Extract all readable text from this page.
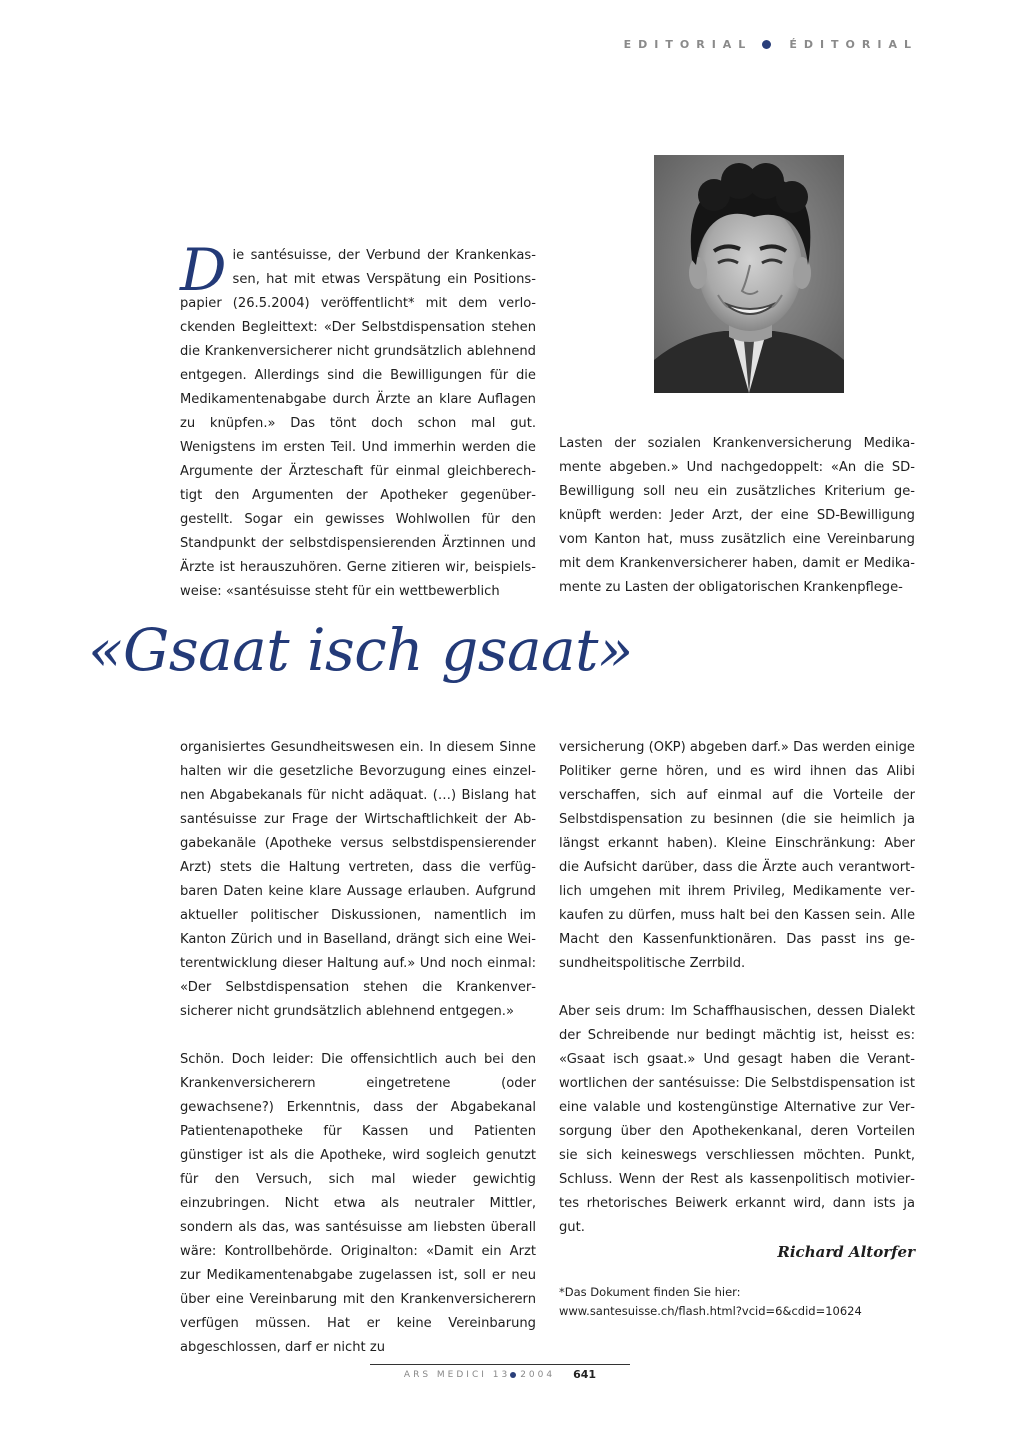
EDITORIAL	ÉDITORIAL
Die santésuisse, der Verbund der Krankenkassen, hat mit etwas Verspätung ein Positionspapier (26.5.2004) veröffentlicht* mit dem verlockenden Begleittext: «Der Selbstdispensation stehen die Krankenversicherer nicht grundsätzlich ablehnend entgegen. Allerdings sind die Bewilligungen für die Medikamentenabgabe durch Ärzte an klare Auflagen zu knüpfen.» Das tönt doch schon mal gut. Wenigstens im ersten Teil. Und immerhin werden die Argumente der Ärzteschaft für einmal gleichberechtigt den Argumenten der Apotheker gegenübergestellt. Sogar ein gewisses Wohlwollen für den Standpunkt der selbstdispensierenden Ärztinnen und Ärzte ist herauszuhören. Gerne zitieren wir, beispielsweise: «santésuisse steht für ein wettbewerblich

Lasten der sozialen Krankenversicherung Medikamente abgeben.» Und nachgedoppelt: «An die SD-Bewilligung soll neu ein zusätzliches Kriterium geknüpft werden: Jeder Arzt, der eine SD-Bewilligung vom Kanton hat, muss zusätzlich eine Vereinbarung mit dem Krankenversicherer haben, damit er Medikamente zu Lasten der obligatorischen Krankenpflege-

«Gsaat isch gsaat»

organisiertes Gesundheitswesen ein. In diesem Sinne halten wir die gesetzliche Bevorzugung eines einzelnen Abgabekanals für nicht adäquat. (…) Bislang hat santésuisse zur Frage der Wirtschaftlichkeit der Abgabekanäle (Apotheke versus selbstdispensierender Arzt) stets die Haltung vertreten, dass die verfügbaren Daten keine klare Aussage erlauben. Aufgrund aktueller politischer Diskussionen, namentlich im Kanton Zürich und in Baselland, drängt sich eine Weiterentwicklung dieser Haltung auf.» Und noch einmal: «Der Selbstdispensation stehen die Krankenversicherer nicht grundsätzlich ablehnend entgegen.»

Schön. Doch leider: Die offensichtlich auch bei den Krankenversicherern eingetretene (oder gewachsene?) Erkenntnis, dass der Abgabekanal Patientenapotheke für Kassen und Patienten günstiger ist als die Apotheke, wird sogleich genutzt für den Versuch, sich mal wieder gewichtig einzubringen. Nicht etwa als neutraler Mittler, sondern als das, was santésuisse am liebsten überall wäre: Kontrollbehörde. Originalton: «Damit ein Arzt zur Medikamentenabgabe zugelassen ist, soll er neu über eine Vereinbarung mit den Krankenversicherern verfügen müssen. Hat er keine Vereinbarung abgeschlossen, darf er nicht zu

versicherung (OKP) abgeben darf.» Das werden einige Politiker gerne hören, und es wird ihnen das Alibi verschaffen, sich auf einmal auf die Vorteile der Selbstdispensation zu besinnen (die sie heimlich ja längst erkannt haben). Kleine Einschränkung: Aber die Aufsicht darüber, dass die Ärzte auch verantwortlich umgehen mit ihrem Privileg, Medikamente verkaufen zu dürfen, muss halt bei den Kassen sein. Alle Macht den Kassenfunktionären. Das passt ins gesundheitspolitische Zerrbild.

Aber seis drum: Im Schaffhausischen, dessen Dialekt der Schreibende nur bedingt mächtig ist, heisst es: «Gsaat isch gsaat.» Und gesagt haben die Verantwortlichen der santésuisse: Die Selbstdispensation ist eine valable und kostengünstige Alternative zur Versorgung über den Apothekenkanal, deren Vorteilen sie sich keineswegs verschliessen möchten. Punkt, Schluss. Wenn der Rest als kassenpolitisch motiviertes rhetorisches Beiwerk erkannt wird, dann ists ja gut.

Richard Altorfer
*Das Dokument finden Sie hier:
www.santesuisse.ch/flash.html?vcid=6&cdid=10624
ARS MEDICI 13 2004 641
